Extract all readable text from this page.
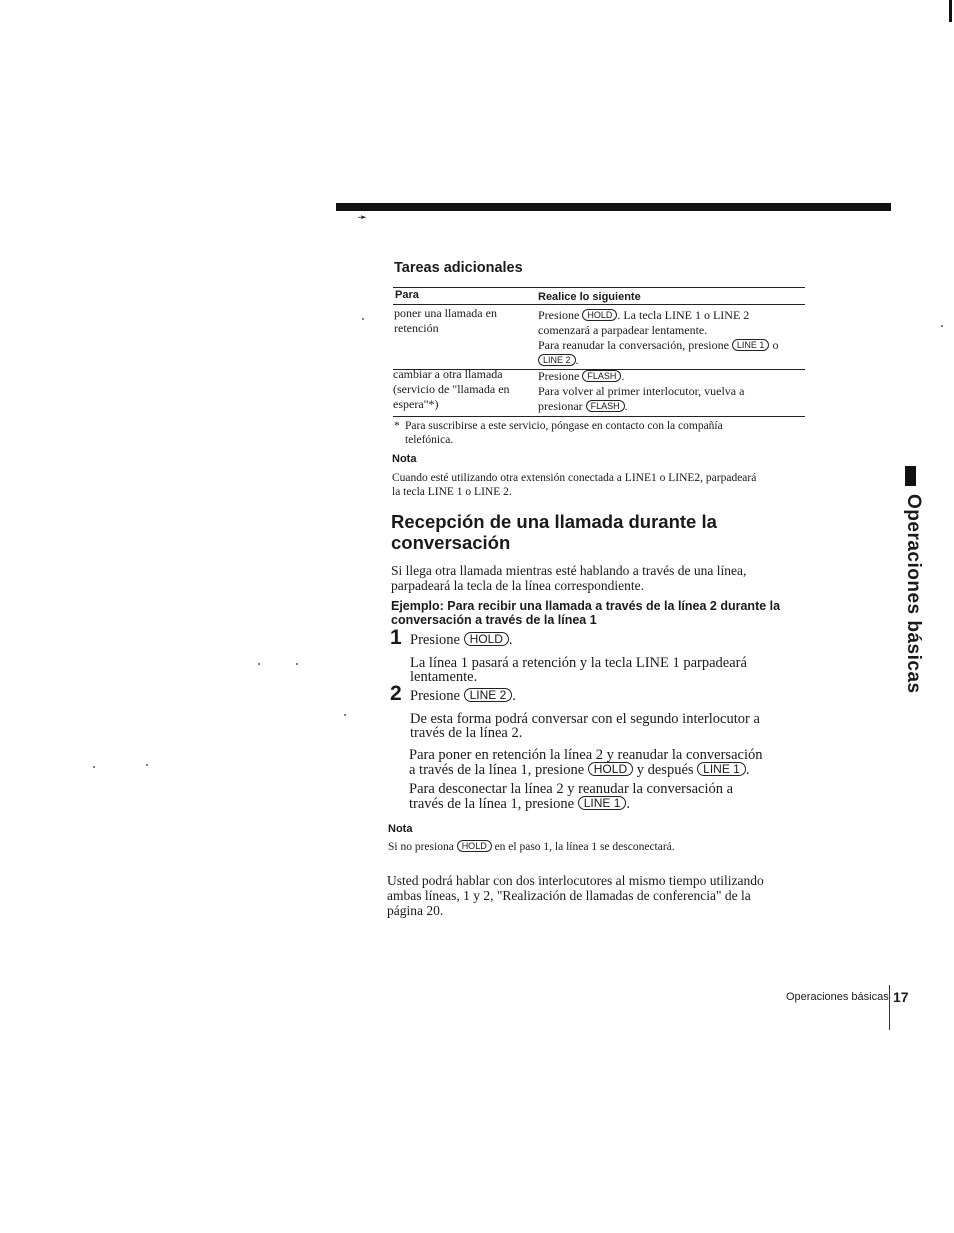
➛
Tareas adicionales
Para	Realice lo siguiente
poner una llamada en
retención
Presione HOLD . La tecla LINE 1 o LINE 2
comenzará a parpadear lentamente.
Para reanudar la conversación, presione LINE 1 o
LINE 2 .
cambiar a otra llamada
(servicio de "llamada en
espera"*)
Presione FLASH .
Para volver al primer interlocutor, vuelva a
presionar FLASH .
* Para suscribirse a este servicio, póngase en contacto con la compañía
telefónica.
Nota
Cuando esté utilizando otra extensión conectada a LINE1 o LINE2, parpadeará
la tecla LINE 1 o LINE 2.
Recepción de una llamada durante la
conversación
Si llega otra llamada mientras esté hablando a través de una línea,
parpadeará la tecla de la línea correspondiente.
Ejemplo: Para recibir una llamada a través de la línea 2 durante la
conversación a través de la línea 1
1 Presione HOLD .
La línea 1 pasará a retención y la tecla LINE 1 parpadeará
lentamente.
2 Presione LINE 2 .
De esta forma podrá conversar con el segundo interlocutor a
través de la línea 2.
Para poner en retención la línea 2 y reanudar la conversación
a través de la línea 1, presione HOLD y después LINE 1 .
Para desconectar la línea 2 y reanudar la conversación a
través de la línea 1, presione LINE 1 .
Nota
Si no presiona HOLD en el paso 1, la línea 1 se desconectará.
Usted podrá hablar con dos interlocutores al mismo tiempo utilizando
ambas líneas, 1 y 2, "Realización de llamadas de conferencia" de la
página 20.
Operaciones básicas
Operaciones básicas 17
